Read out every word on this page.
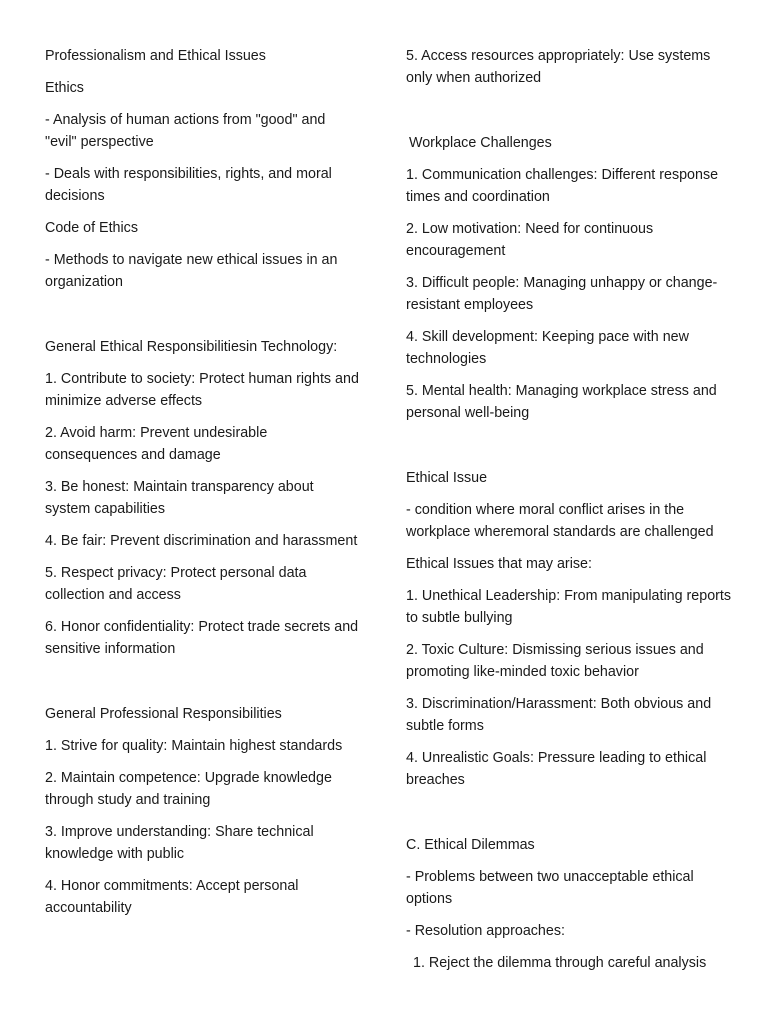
Professionalism and Ethical Issues

Ethics

- Analysis of human actions from "good" and "evil" perspective

- Deals with responsibilities, rights, and moral decisions

Code of Ethics

- Methods to navigate new ethical issues in an organization

General Ethical Responsibilitiesin Technology:

1. Contribute to society: Protect human rights and minimize adverse effects

2. Avoid harm: Prevent undesirable consequences and damage

3. Be honest: Maintain transparency about system capabilities

4. Be fair: Prevent discrimination and harassment

5. Respect privacy: Protect personal data collection and access

6. Honor confidentiality: Protect trade secrets and sensitive information

General Professional Responsibilities

1. Strive for quality: Maintain highest standards

2. Maintain competence: Upgrade knowledge through study and training

3. Improve understanding: Share technical knowledge with public

4. Honor commitments: Accept personal accountability

5. Access resources appropriately: Use systems only when authorized

Workplace Challenges

1. Communication challenges: Different response times and coordination

2. Low motivation: Need for continuous encouragement

3. Difficult people: Managing unhappy or change-resistant employees

4. Skill development: Keeping pace with new technologies

5. Mental health: Managing workplace stress and personal well-being

Ethical Issue

- condition where moral conflict arises in the workplace wheremoral standards are challenged

Ethical Issues that may arise:

1. Unethical Leadership: From manipulating reports to subtle bullying

2. Toxic Culture: Dismissing serious issues and promoting like-minded toxic behavior

3. Discrimination/Harassment: Both obvious and subtle forms

4. Unrealistic Goals: Pressure leading to ethical breaches

C. Ethical Dilemmas

- Problems between two unacceptable ethical options

- Resolution approaches:

1. Reject the dilemma through careful analysis
